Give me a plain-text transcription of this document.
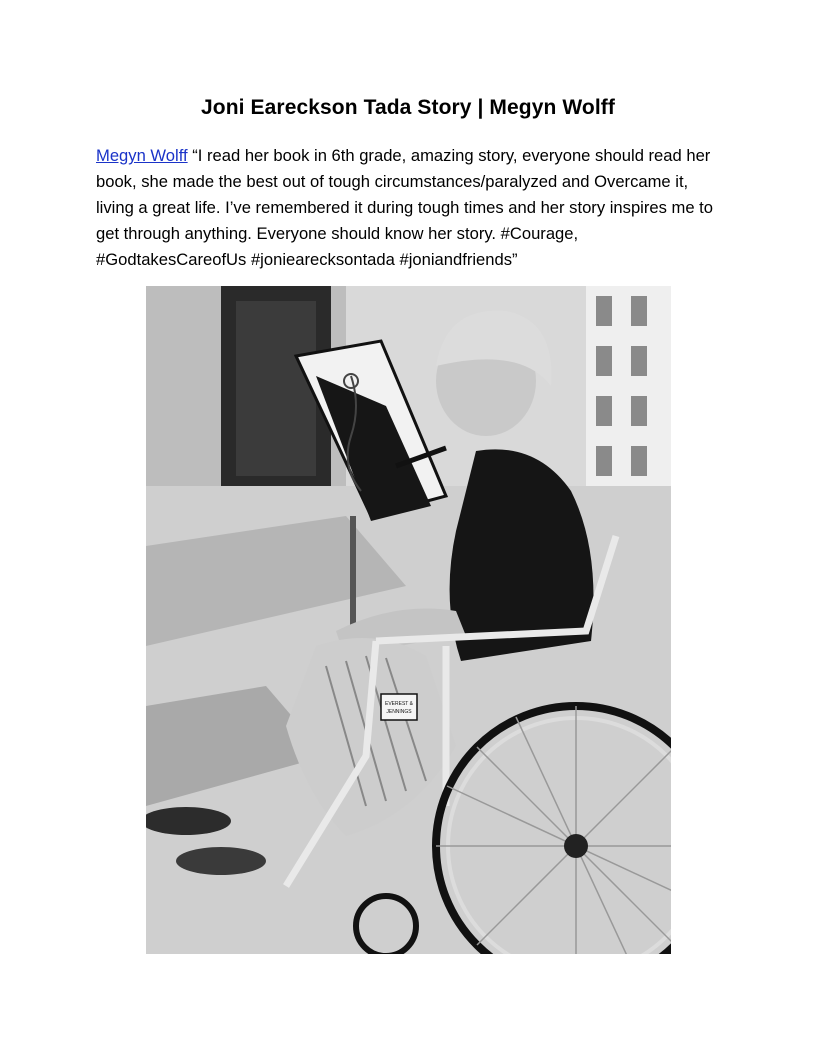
Joni Eareckson Tada Story | Megyn Wolff
Megyn Wolff “I read her book in 6th grade, amazing story, everyone should read her book, she made the best out of tough circumstances/paralyzed and Overcame it, living a great life. I’ve remembered it during tough times and her story inspires me to get through anything. Everyone should know her story. #Courage, #GodtakesCareofUs #joniearecksontada #joniandfriends”
EVEREST &
JENNINGS
